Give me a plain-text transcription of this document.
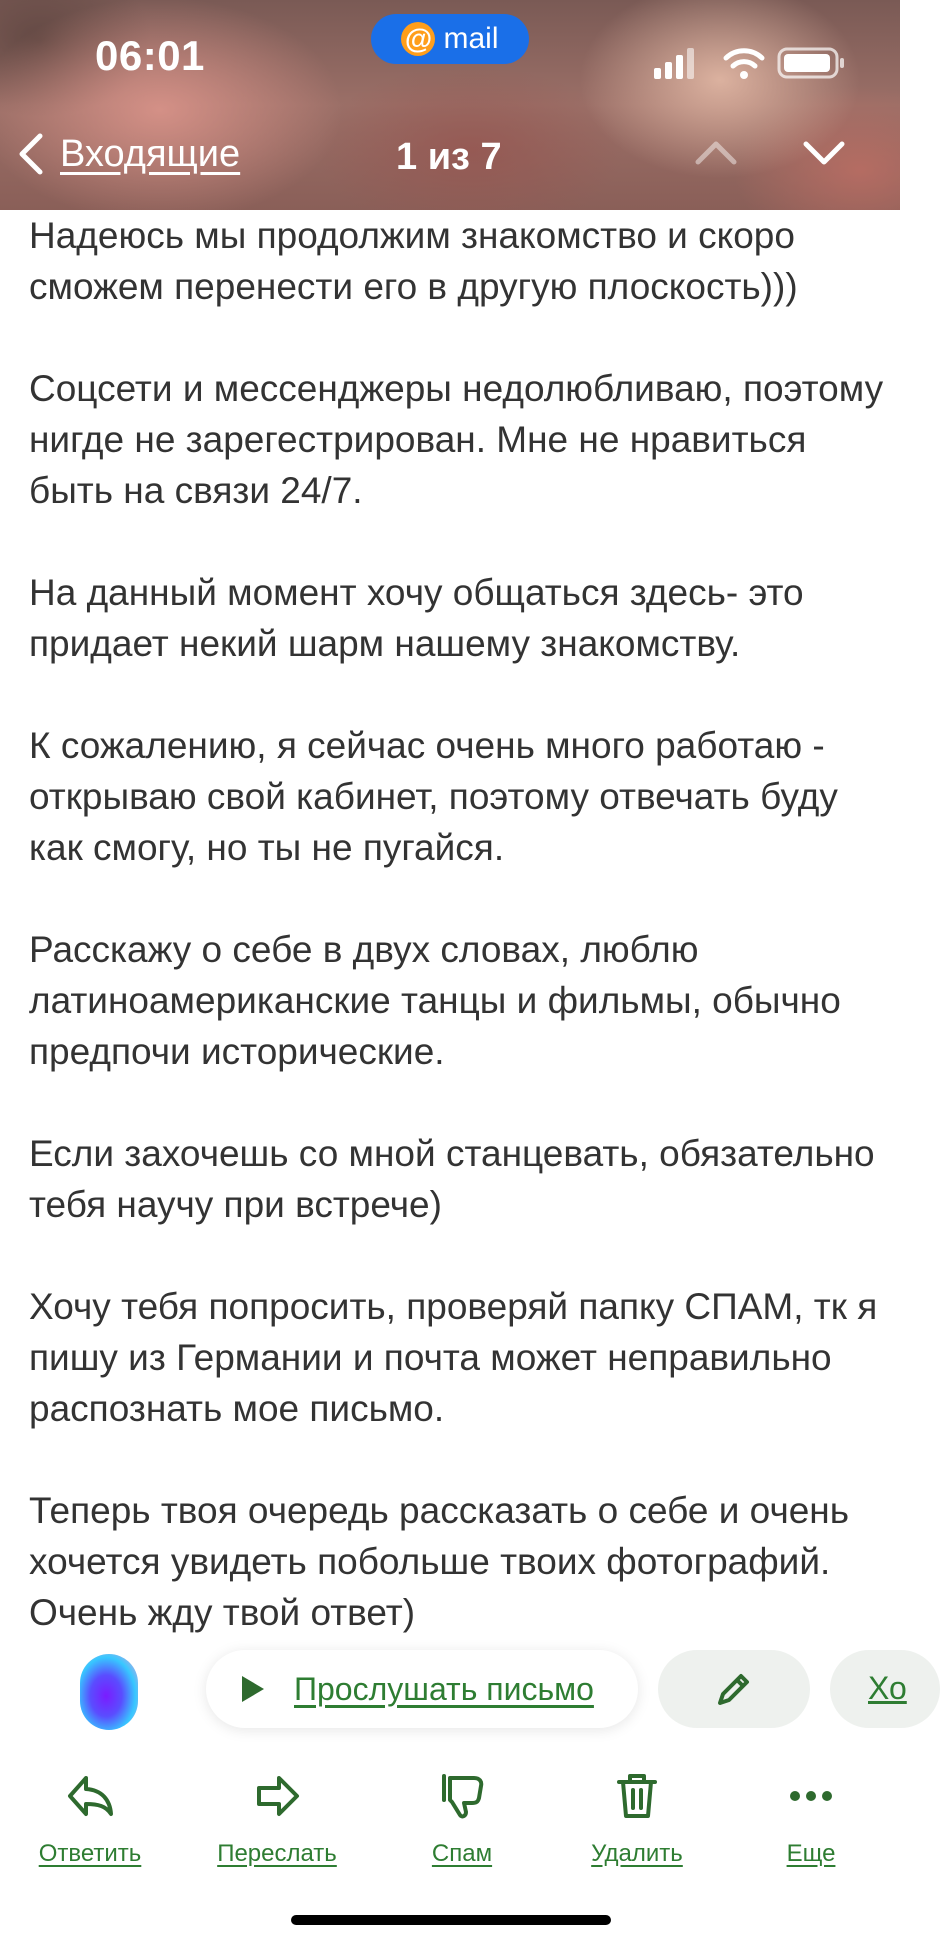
06:01	@ mail
Входящие	1 из 7

Надеюсь мы продолжим знакомство и скоро сможем перенести его в другую плоскость)))

Соцсети и мессенджеры недолюбливаю, поэтому нигде не зарегестрирован. Мне не нравиться быть на связи 24/7.

На данный момент хочу общаться здесь- это придает некий шарм нашему знакомству.

К сожалению, я сейчас очень много работаю - открываю свой кабинет, поэтому отвечать буду как смогу, но ты не пугайся.

Расскажу о себе в двух словах, люблю латиноамериканские танцы и фильмы, обычно предпочи исторические.

Если захочешь со мной станцевать, обязательно тебя научу при встрече)

Хочу тебя попросить, проверяй папку СПАМ, тк я пишу из Германии и почта может неправильно распознать мое письмо.

Теперь твоя очередь рассказать о себе и очень хочется увидеть побольше твоих фотографий. Очень жду твой ответ)

Прослушать письмо	Хо
Ответить	Переслать	Спам	Удалить	Еще
